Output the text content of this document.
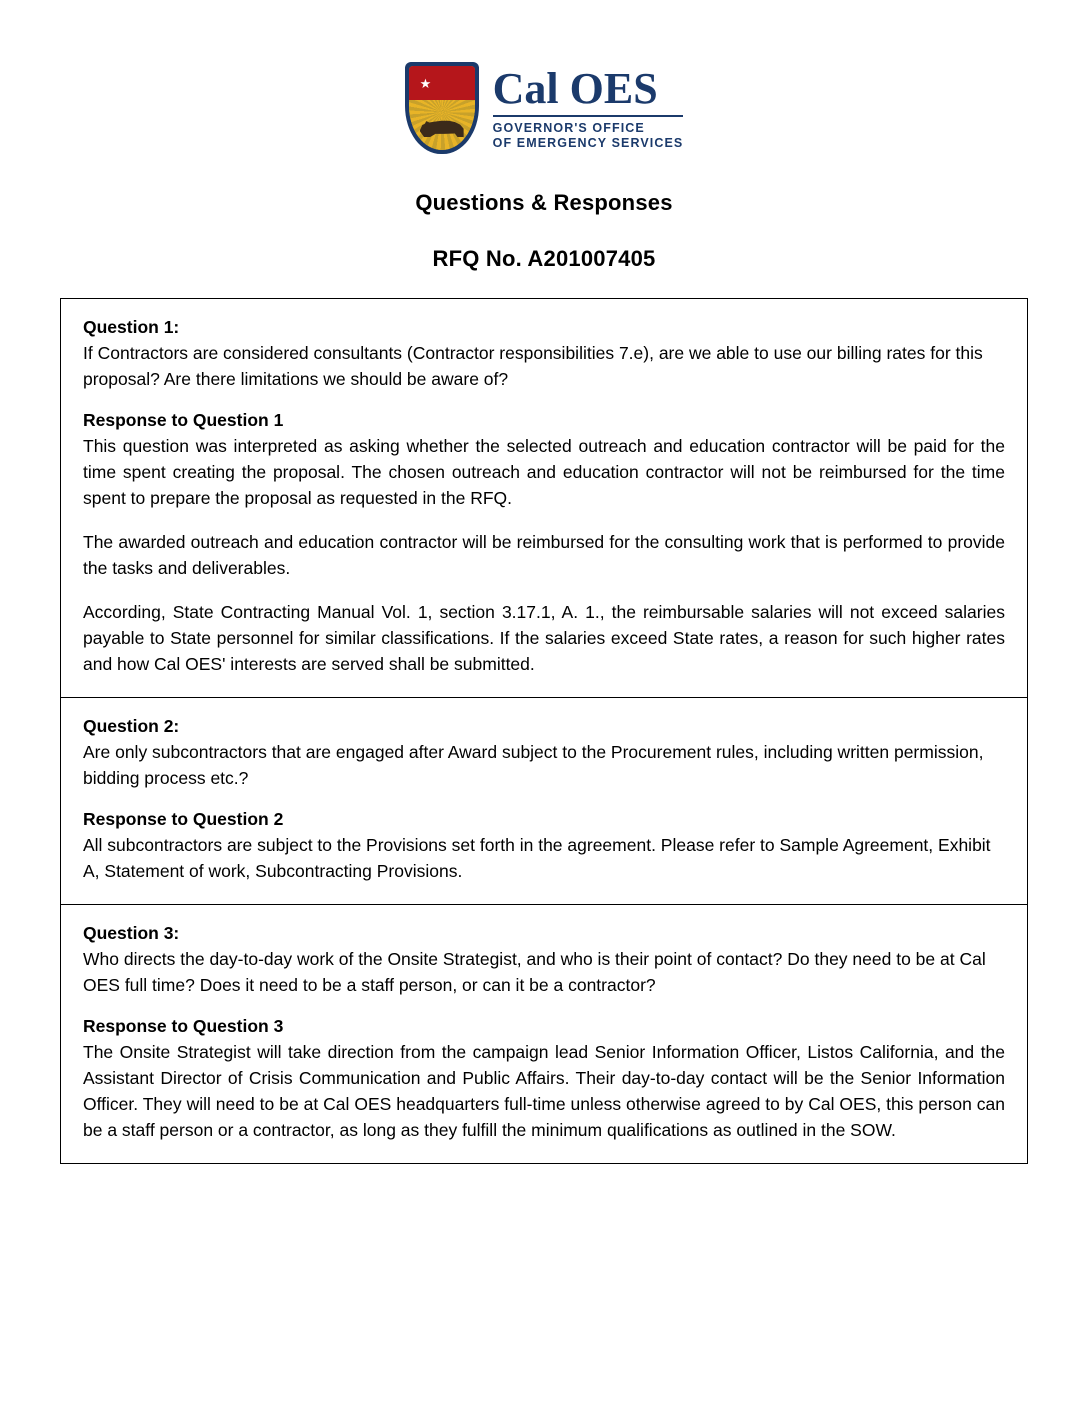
★ Cal OES
GOVERNOR'S OFFICE
OF EMERGENCY SERVICES
Questions & Responses
RFQ No. A201007405
Question 1:
If Contractors are considered consultants (Contractor responsibilities 7.e), are we able to use our billing rates for this proposal? Are there limitations we should be aware of?
Response to Question 1
This question was interpreted as asking whether the selected outreach and education contractor will be paid for the time spent creating the proposal. The chosen outreach and education contractor will not be reimbursed for the time spent to prepare the proposal as requested in the RFQ.
The awarded outreach and education contractor will be reimbursed for the consulting work that is performed to provide the tasks and deliverables.
According, State Contracting Manual Vol. 1, section 3.17.1, A. 1., the reimbursable salaries will not exceed salaries payable to State personnel for similar classifications. If the salaries exceed State rates, a reason for such higher rates and how Cal OES' interests are served shall be submitted.
Question 2:
Are only subcontractors that are engaged after Award subject to the Procurement rules, including written permission, bidding process etc.?
Response to Question 2
All subcontractors are subject to the Provisions set forth in the agreement. Please refer to Sample Agreement, Exhibit A, Statement of work, Subcontracting Provisions.
Question 3:
Who directs the day-to-day work of the Onsite Strategist, and who is their point of contact? Do they need to be at Cal OES full time? Does it need to be a staff person, or can it be a contractor?
Response to Question 3
The Onsite Strategist will take direction from the campaign lead Senior Information Officer, Listos California, and the Assistant Director of Crisis Communication and Public Affairs. Their day-to-day contact will be the Senior Information Officer. They will need to be at Cal OES headquarters full-time unless otherwise agreed to by Cal OES, this person can be a staff person or a contractor, as long as they fulfill the minimum qualifications as outlined in the SOW.
